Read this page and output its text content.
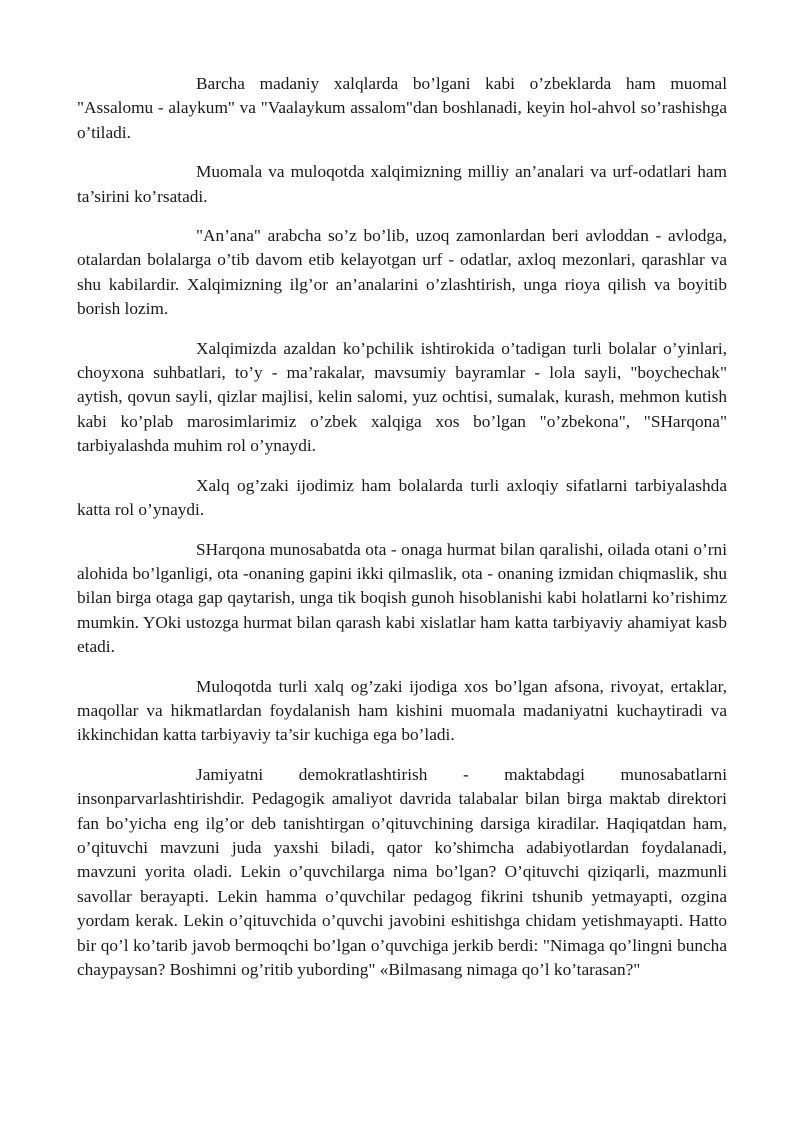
Barcha madaniy xalqlarda bo’lgani kabi o’zbeklarda ham muomal "Assalomu - alaykum" va "Vaalaykum assalom"dan boshlanadi, keyin hol-ahvol so’rashishga o’tiladi.

Muomala va muloqotda xalqimizning milliy an’analari va urf-odatlari ham ta’sirini ko’rsatadi.

"An’ana" arabcha so’z bo’lib, uzoq zamonlardan beri avloddan - avlodga, otalardan bolalarga o’tib davom etib kelayotgan urf - odatlar, axloq mezonlari, qarashlar va shu kabilardir. Xalqimizning ilg’or an’analarini o’zlashtirish, unga rioya qilish va boyitib borish lozim.

Xalqimizda azaldan ko’pchilik ishtirokida o’tadigan turli bolalar o’yinlari, choyxona suhbatlari, to’y - ma’rakalar, mavsumiy bayramlar - lola sayli, "boychechak" aytish, qovun sayli, qizlar majlisi, kelin salomi, yuz ochtisi, sumalak, kurash, mehmon kutish kabi ko’plab marosimlarimiz o’zbek xalqiga xos bo’lgan "o’zbekona", "SHarqona" tarbiyalashda muhim rol o’ynaydi.

Xalq og’zaki ijodimiz ham bolalarda turli axloqiy sifatlarni tarbiyalashda katta rol o’ynaydi.

SHarqona munosabatda ota - onaga hurmat bilan qaralishi, oilada otani o’rni alohida bo’lganligi, ota -onaning gapini ikki qilmaslik, ota - onaning izmidan chiqmaslik, shu bilan birga otaga gap qaytarish, unga tik boqish gunoh hisoblanishi kabi holatlarni ko’rishimz mumkin. YOki ustozga hurmat bilan qarash kabi xislatlar ham katta tarbiyaviy ahamiyat kasb etadi.

Muloqotda turli xalq og’zaki ijodiga xos bo’lgan afsona, rivoyat, ertaklar, maqollar va hikmatlardan foydalanish ham kishini muomala madaniyatni kuchaytiradi va ikkinchidan katta tarbiyaviy ta’sir kuchiga ega bo’ladi.

Jamiyatni demokratlashtirish - maktabdagi munosabatlarni insonparvarlashtirishdir. Pedagogik amaliyot davrida talabalar bilan birga maktab direktori fan bo’yicha eng ilg’or deb tanishtirgan o’qituvchining darsiga kiradilar. Haqiqatdan ham, o’qituvchi mavzuni juda yaxshi biladi, qator ko’shimcha adabiyotlardan foydalanadi, mavzuni yorita oladi. Lekin o’quvchilarga nima bo’lgan? O’qituvchi qiziqarli, mazmunli savollar berayapti. Lekin hamma o’quvchilar pedagog fikrini tshunib yetmayapti, ozgina yordam kerak. Lekin o’qituvchida o’quvchi javobini eshitishga chidam yetishmayapti. Hatto bir qo’l ko’tarib javob bermoqchi bo’lgan o’quvchiga jerkib berdi: "Nimaga qo’lingni buncha chaypaysan? Boshimni og’ritib yubording" «Bilmasang nimaga qo’l ko’tarasan?"
